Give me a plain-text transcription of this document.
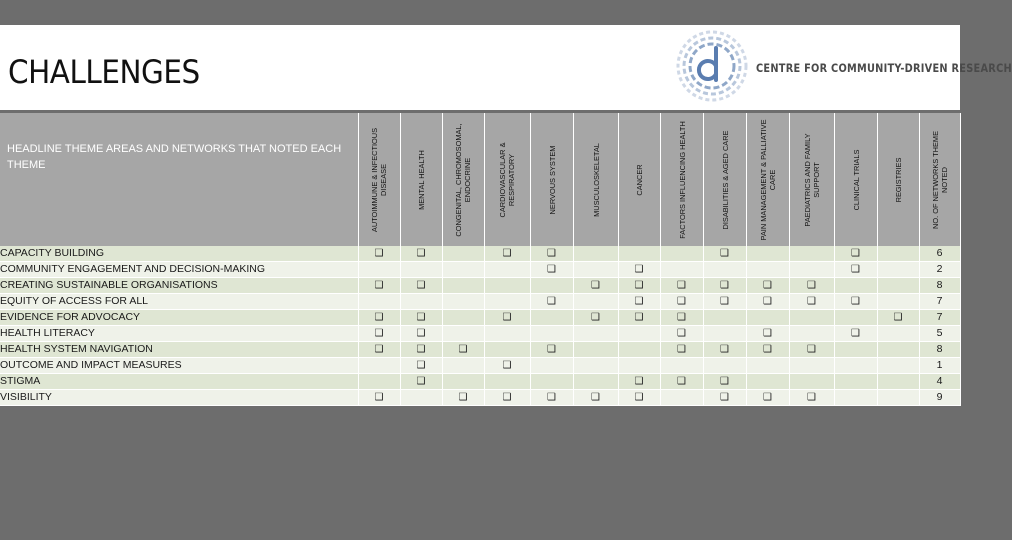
CHALLENGES	CENTRE FOR COMMUNITY-DRIVEN RESEARCH
HEADLINE THEME AREAS AND NETWORKS THAT NOTED EACH THEME	AUTOIMMUNE & INFECTIOUS DISEASE	MENTAL HEALTH	CONGENITAL, CHROMOSOMAL, ENDOCRINE	CARDIOVASCULAR & RESPIRATORY	NERVOUS SYSTEM	MUSCULOSKELETAL	CANCER	FACTORS INFLUENCING HEALTH	DISABILITIES & AGED CARE	PAIN MANAGEMENT & PALLIATIVE CARE	PAEDIATRICS AND FAMILY SUPPORT	CLINICAL TRIALS	REGISTRIES	NO. OF NETWORKS THEME NOTED

CAPACITY BUILDING	❑	❑		❑	❑				❑			❑		6
COMMUNITY ENGAGEMENT AND DECISION-MAKING					❑		❑					❑		2
CREATING SUSTAINABLE ORGANISATIONS	❑	❑				❑	❑	❑	❑	❑	❑			8
EQUITY OF ACCESS FOR ALL					❑		❑	❑	❑	❑	❑	❑		7
EVIDENCE FOR ADVOCACY	❑	❑		❑		❑	❑	❑					❑	7
HEALTH LITERACY	❑	❑						❑		❑		❑		5
HEALTH SYSTEM NAVIGATION	❑	❑	❑		❑			❑	❑	❑	❑			8
OUTCOME AND IMPACT MEASURES		❑		❑										1
STIGMA		❑					❑	❑	❑					4
VISIBILITY	❑		❑	❑	❑	❑	❑		❑	❑	❑			9
